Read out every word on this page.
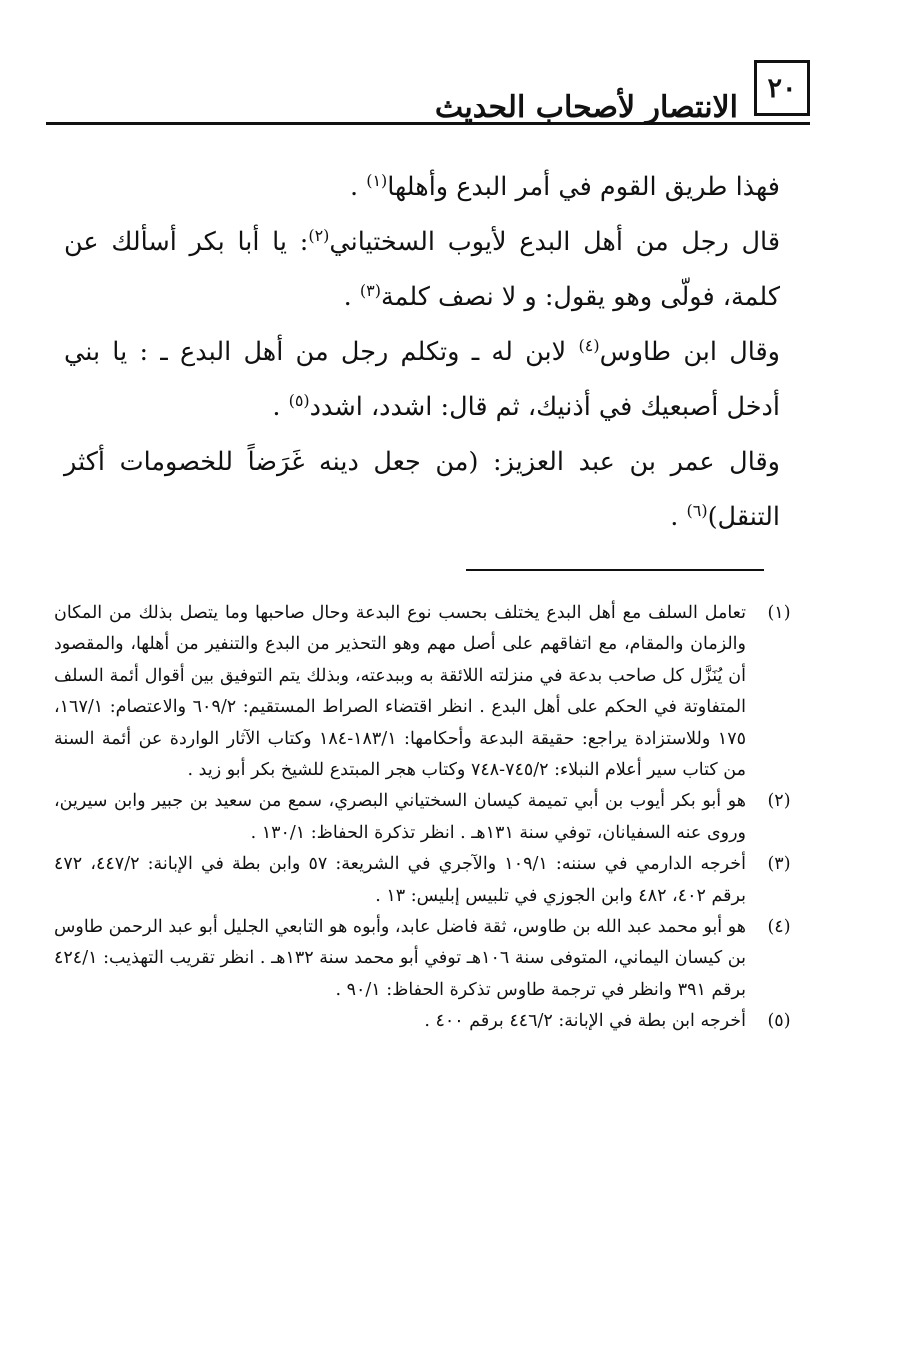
٢٠
الانتصار لأصحاب الحديث

فهذا طريق القوم في أمر البدع وأهلها$^{(١)}$ .

قال رجل من أهل البدع لأيوب السختياني$^{(٢)}$: يا أبا بكر أسألك عن كلمة، فولّى وهو يقول: و لا نصف كلمة$^{(٣)}$ .

وقال ابن طاوس$^{(٤)}$ لابن له ـ وتكلم رجل من أهل البدع ـ : يا بني أدخل أصبعيك في أذنيك، ثم قال: اشدد، اشدد$^{(٥)}$ .

وقال عمر بن عبد العزيز: (من جعل دينه غَرَضاً للخصومات أكثر التنقل)$^{(٦)}$ .

(١)
تعامل السلف مع أهل البدع يختلف بحسب نوع البدعة وحال صاحبها وما يتصل بذلك من المكان والزمان والمقام، مع اتفاقهم على أصل مهم وهو التحذير من البدع والتنفير من أهلها، والمقصود أن يُنَزَّل كل صاحب بدعة في منزلته اللائقة به وببدعته، وبذلك يتم التوفيق بين أقوال أئمة السلف المتفاوتة في الحكم على أهل البدع . انظر اقتضاء الصراط المستقيم: ٦٠٩/٢ والاعتصام: ١٦٧/١، ١٧٥ وللاستزادة يراجع: حقيقة البدعة وأحكامها: ١٨٣/١-١٨٤ وكتاب الآثار الواردة عن أئمة السنة من كتاب سير أعلام النبلاء: ٧٤٥/٢-٧٤٨ وكتاب هجر المبتدع للشيخ بكر أبو زيد .
(٢)
هو أبو بكر أيوب بن أبي تميمة كيسان السختياني البصري، سمع من سعيد بن جبير وابن سيرين، وروى عنه السفيانان، توفي سنة ١٣١هـ . انظر تذكرة الحفاظ: ١٣٠/١ .
(٣)
أخرجه الدارمي في سننه: ١٠٩/١ والآجري في الشريعة: ٥٧ وابن بطة في الإبانة: ٤٤٧/٢، ٤٧٢ برقم ٤٠٢، ٤٨٢ وابن الجوزي في تلبيس إبليس: ١٣ .
(٤)
هو أبو محمد عبد الله بن طاوس، ثقة فاضل عابد، وأبوه هو التابعي الجليل أبو عبد الرحمن طاوس بن كيسان اليماني، المتوفى سنة ١٠٦هـ توفي أبو محمد سنة ١٣٢هـ . انظر تقريب التهذيب: ٤٢٤/١ برقم ٣٩١ وانظر في ترجمة طاوس تذكرة الحفاظ: ٩٠/١ .
(٥)
أخرجه ابن بطة في الإبانة: ٤٤٦/٢ برقم ٤٠٠ .
